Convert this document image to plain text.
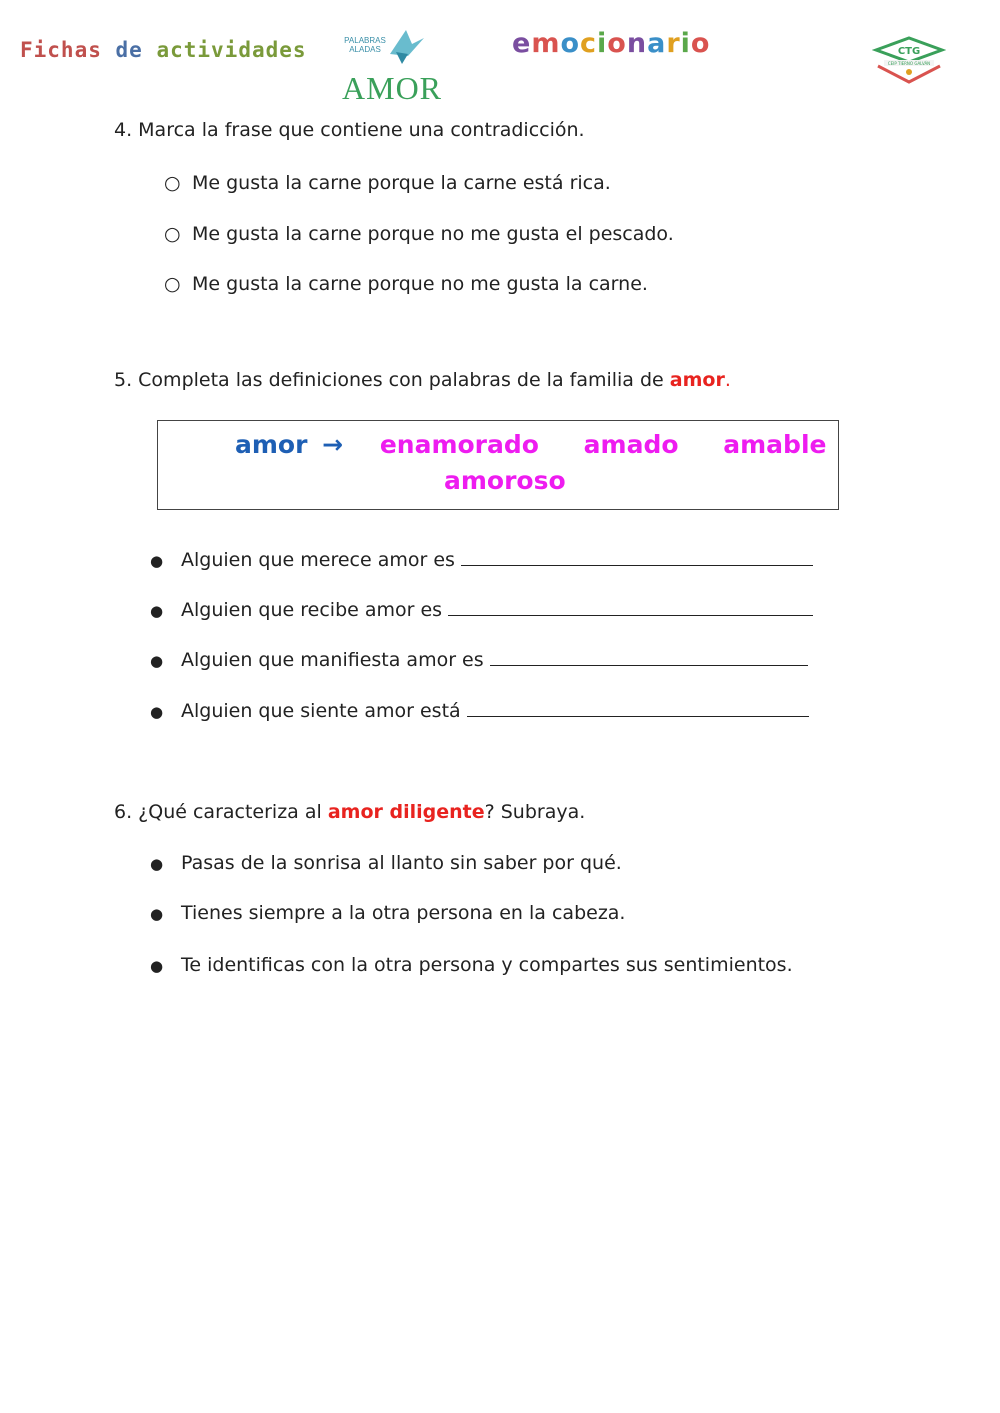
Fichas de actividades	PALABRAS
ALADAS
AMOR
emocionario	CTG
CEIP TIERNO GALVÁN
4. Marca la frase que contiene una contradicción.
○ Me gusta la carne porque la carne está rica.
○ Me gusta la carne porque no me gusta el pescado.
○ Me gusta la carne porque no me gusta la carne.
5. Completa las definiciones con palabras de la familia de amor.
amor → enamorado amado amable
amoroso
● Alguien que merece amor es
● Alguien que recibe amor es
● Alguien que manifiesta amor es
● Alguien que siente amor está
6. ¿Qué caracteriza al amor diligente? Subraya.
● Pasas de la sonrisa al llanto sin saber por qué.
● Tienes siempre a la otra persona en la cabeza.
● Te identificas con la otra persona y compartes sus sentimientos.
